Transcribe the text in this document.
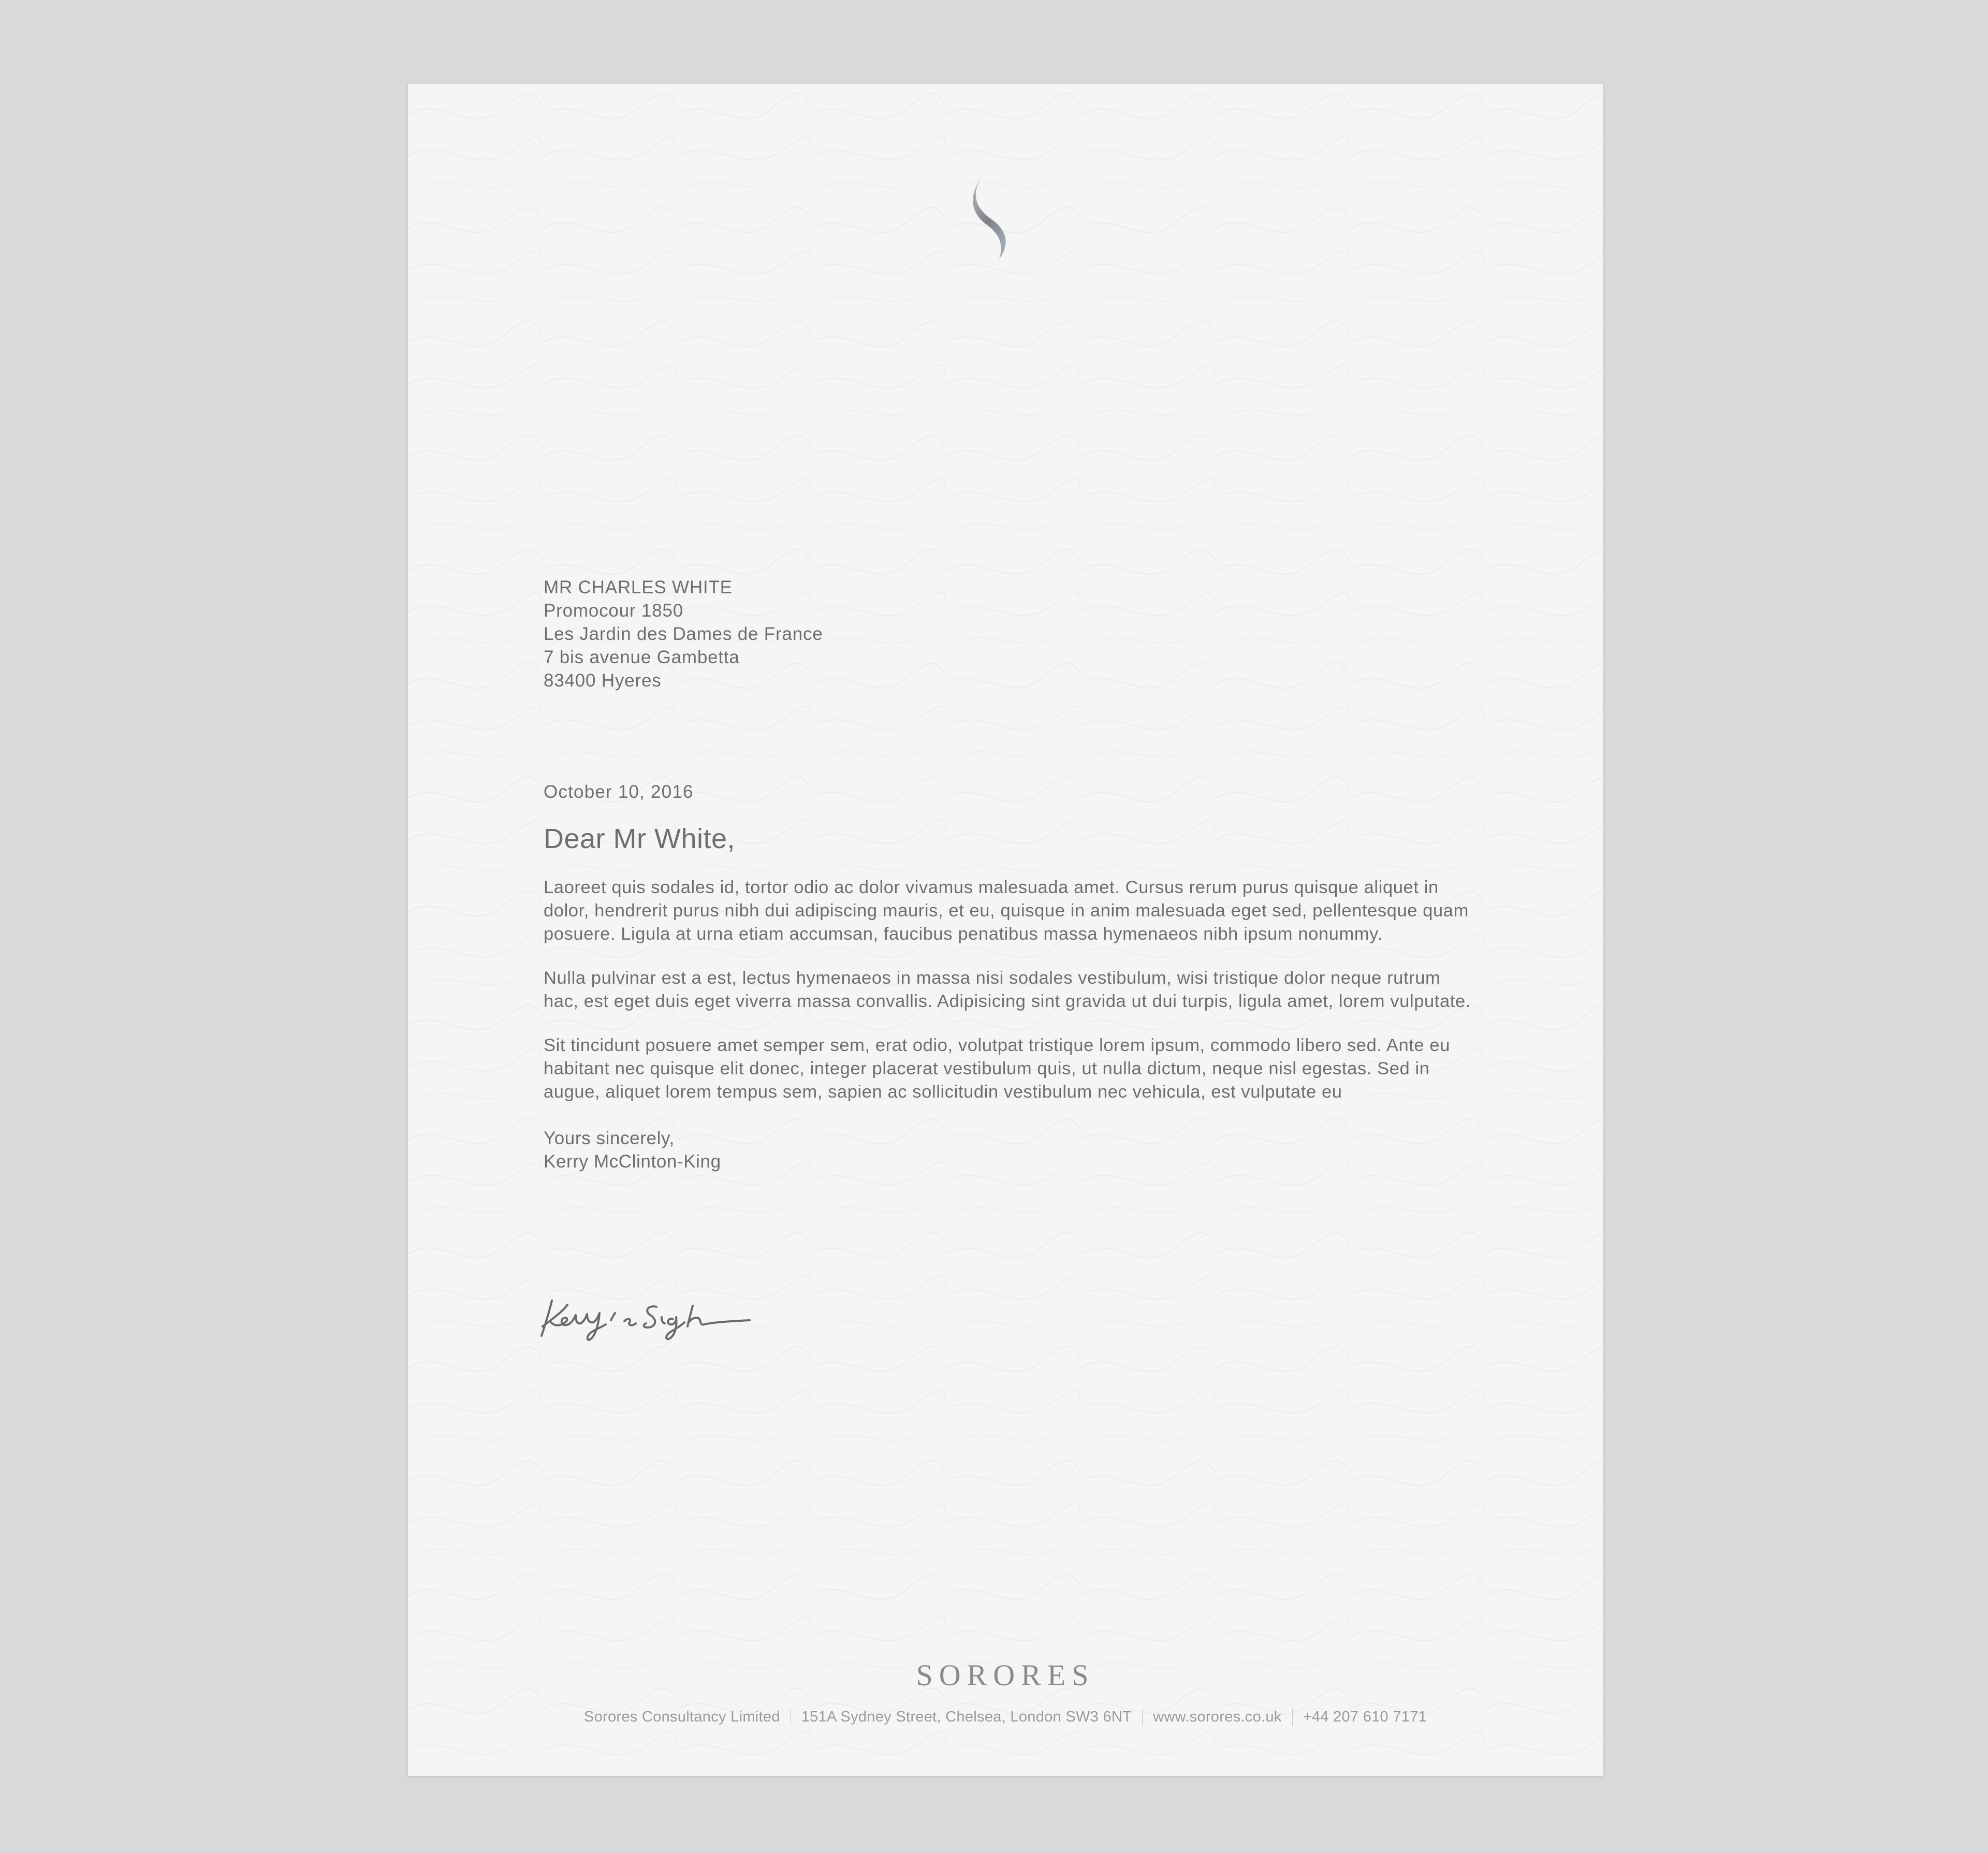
MR CHARLES WHITE
Promocour 1850
Les Jardin des Dames de France
7 bis avenue Gambetta
83400 Hyeres
October 10, 2016
Dear Mr White,
Laoreet quis sodales id, tortor odio ac dolor vivamus malesuada amet. Cursus rerum purus quisque aliquet in dolor, hendrerit purus nibh dui adipiscing mauris, et eu, quisque in anim malesuada eget sed, pellentesque quam posuere. Ligula at urna etiam accumsan, faucibus penatibus massa hymenaeos nibh ipsum nonummy.
Nulla pulvinar est a est, lectus hymenaeos in massa nisi sodales vestibulum, wisi tristique dolor neque rutrum hac, est eget duis eget viverra massa convallis. Adipisicing sint gravida ut dui turpis, ligula amet, lorem vulputate.
Sit tincidunt posuere amet semper sem, erat odio, volutpat tristique lorem ipsum, commodo libero sed. Ante eu habitant nec quisque elit donec, integer placerat vestibulum quis, ut nulla dictum, neque nisl egestas. Sed in augue, aliquet lorem tempus sem, sapien ac sollicitudin vestibulum nec vehicula, est vulputate eu
Yours sincerely,
Kerry McClinton-King
SORORES
Sorores Consultancy Limited 151A Sydney Street, Chelsea, London SW3 6NT www.sorores.co.uk +44 207 610 7171
